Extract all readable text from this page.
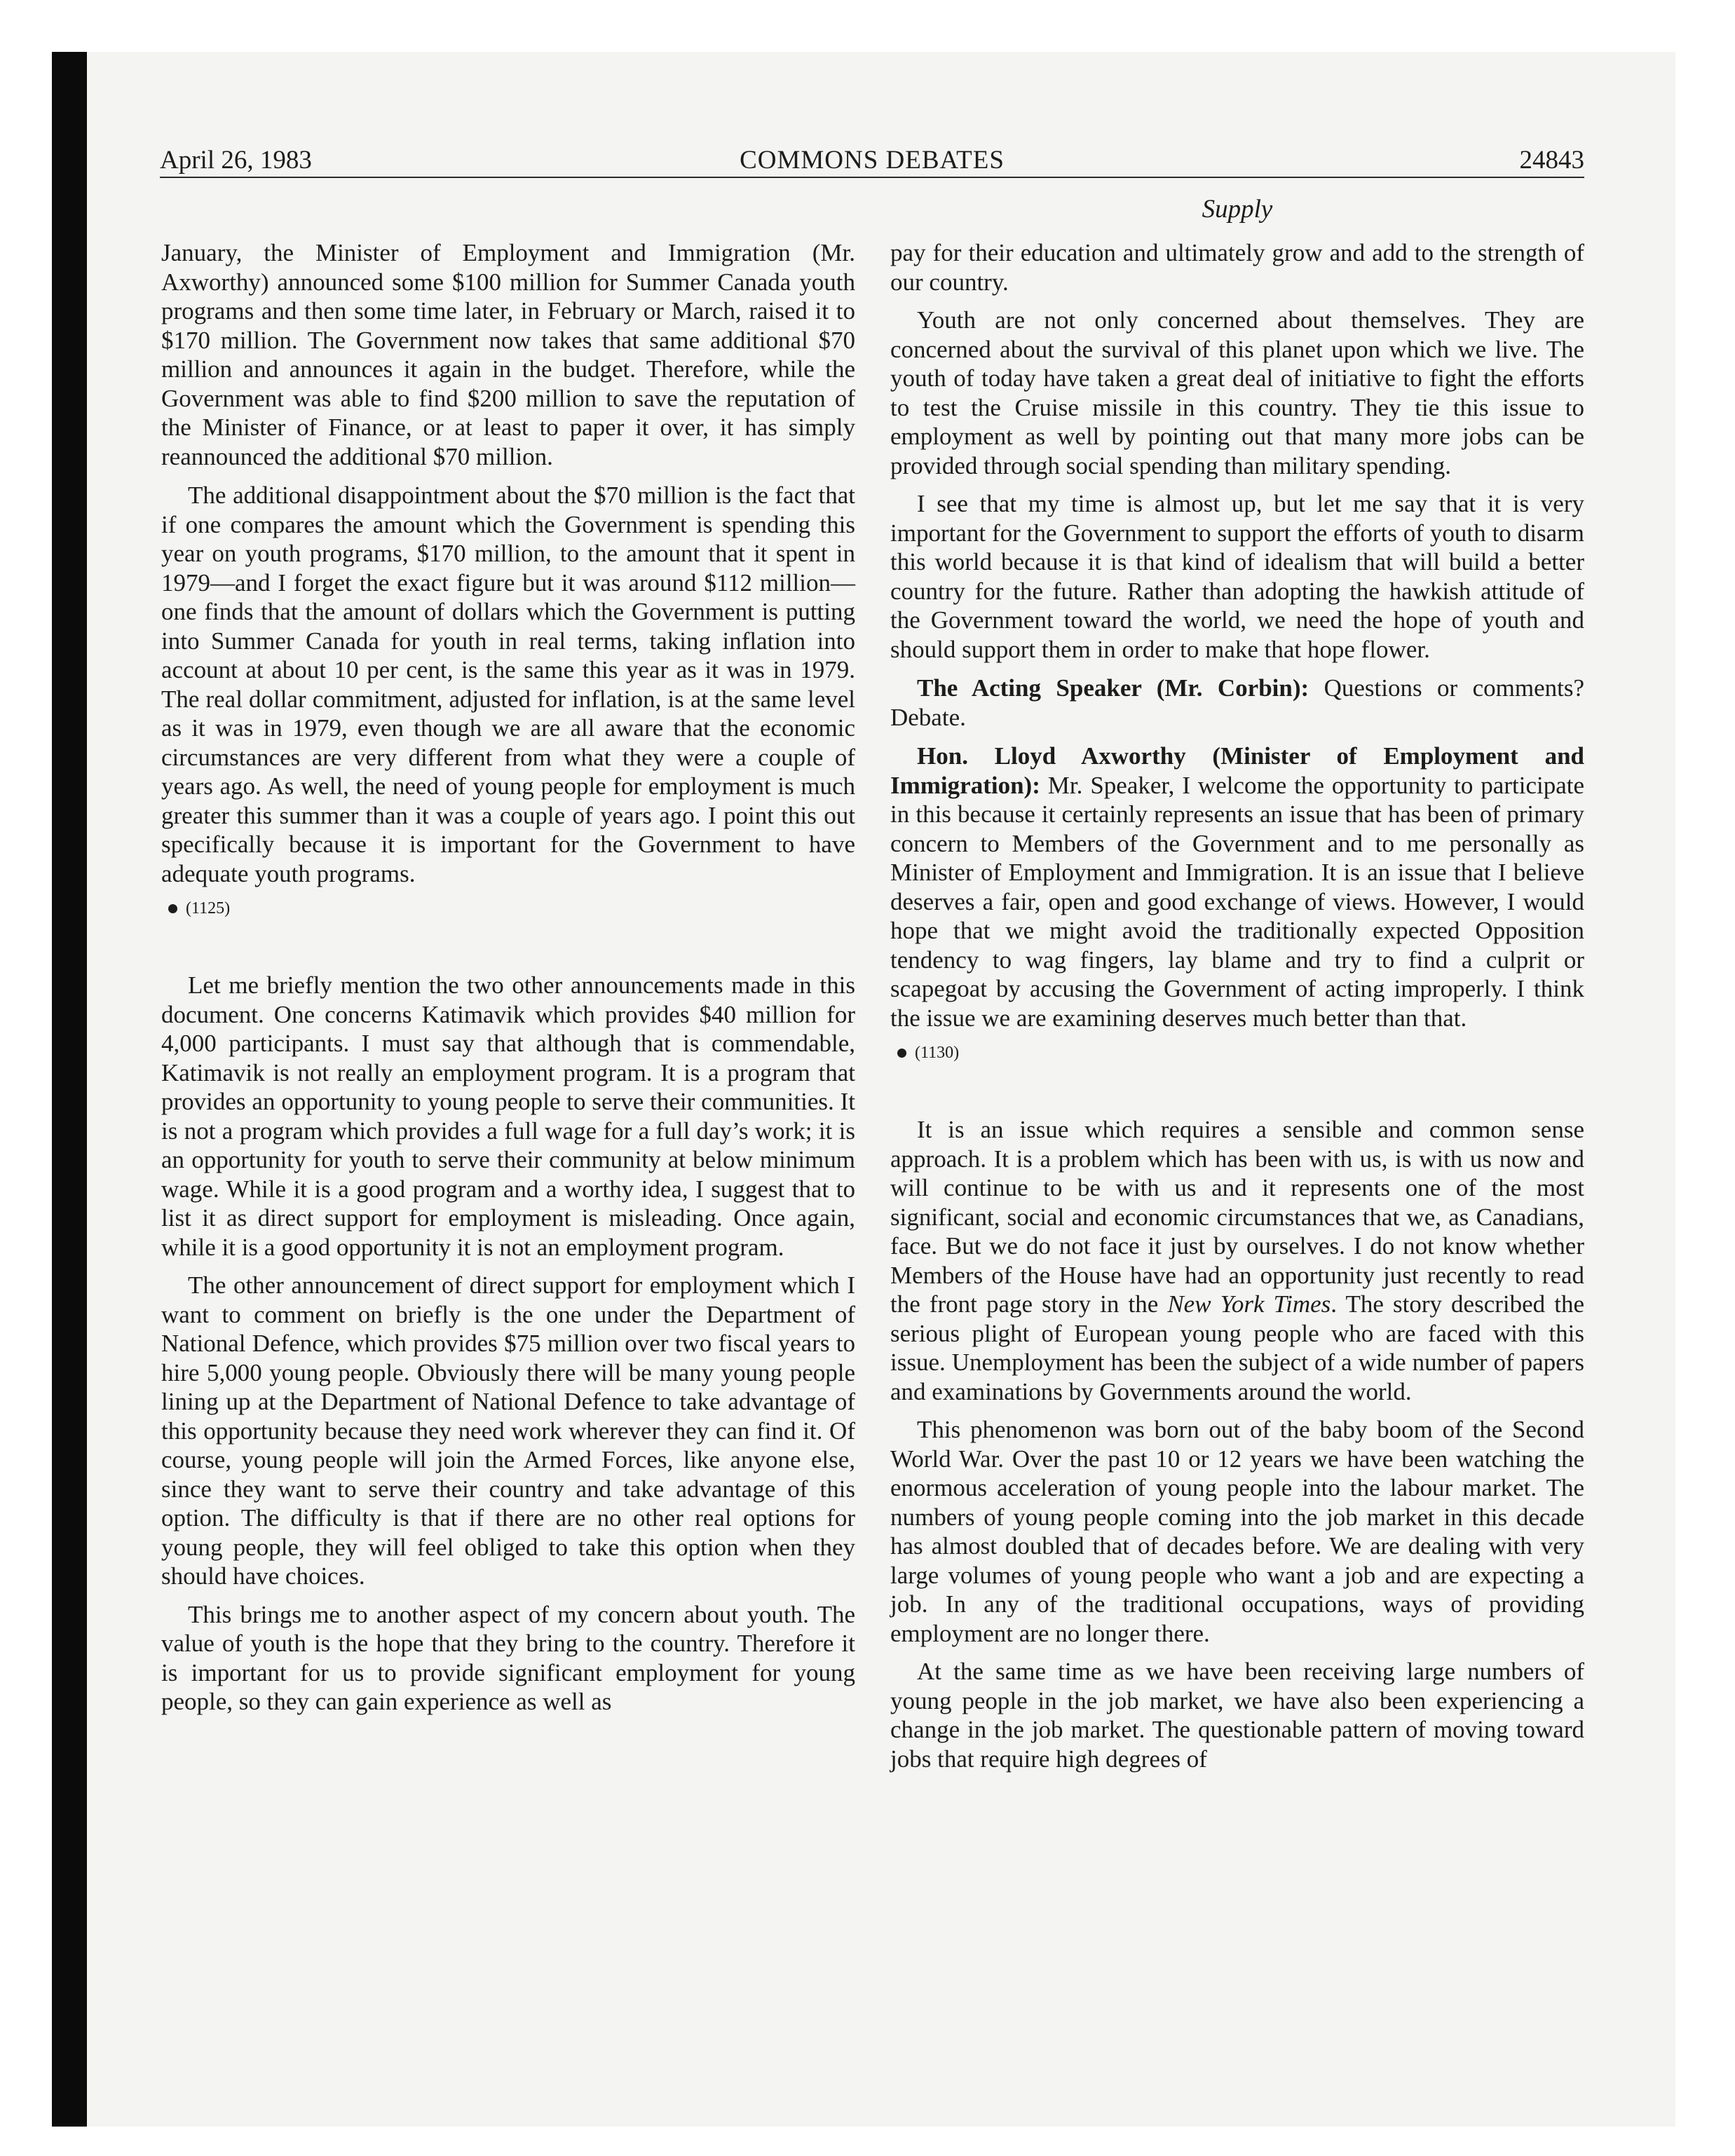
April 26, 1983	COMMONS DEBATES	24843
Supply

January, the Minister of Employment and Immigration (Mr. Axworthy) announced some $100 million for Summer Canada youth programs and then some time later, in February or March, raised it to $170 million. The Government now takes that same additional $70 million and announces it again in the budget. Therefore, while the Government was able to find $200 million to save the reputation of the Minister of Finance, or at least to paper it over, it has simply reannounced the additional $70 million.

The additional disappointment about the $70 million is the fact that if one compares the amount which the Government is spending this year on youth programs, $170 million, to the amount that it spent in 1979—and I forget the exact figure but it was around $112 million—one finds that the amount of dollars which the Government is putting into Summer Canada for youth in real terms, taking inflation into account at about 10 per cent, is the same this year as it was in 1979. The real dollar commitment, adjusted for inflation, is at the same level as it was in 1979, even though we are all aware that the economic circumstances are very different from what they were a couple of years ago. As well, the need of young people for employment is much greater this summer than it was a couple of years ago. I point this out specifically because it is important for the Government to have adequate youth programs.

(1125)

Let me briefly mention the two other announcements made in this document. One concerns Katimavik which provides $40 million for 4,000 participants. I must say that although that is commendable, Katimavik is not really an employment program. It is a program that provides an opportunity to young people to serve their communities. It is not a program which provides a full wage for a full day’s work; it is an opportunity for youth to serve their community at below minimum wage. While it is a good program and a worthy idea, I suggest that to list it as direct support for employment is misleading. Once again, while it is a good opportunity it is not an employment program.

The other announcement of direct support for employment which I want to comment on briefly is the one under the Department of National Defence, which provides $75 million over two fiscal years to hire 5,000 young people. Obviously there will be many young people lining up at the Department of National Defence to take advantage of this opportunity because they need work wherever they can find it. Of course, young people will join the Armed Forces, like anyone else, since they want to serve their country and take advantage of this option. The difficulty is that if there are no other real options for young people, they will feel obliged to take this option when they should have choices.

This brings me to another aspect of my concern about youth. The value of youth is the hope that they bring to the country. Therefore it is important for us to provide significant employment for young people, so they can gain experience as well as

pay for their education and ultimately grow and add to the strength of our country.

Youth are not only concerned about themselves. They are concerned about the survival of this planet upon which we live. The youth of today have taken a great deal of initiative to fight the efforts to test the Cruise missile in this country. They tie this issue to employment as well by pointing out that many more jobs can be provided through social spending than military spending.

I see that my time is almost up, but let me say that it is very important for the Government to support the efforts of youth to disarm this world because it is that kind of idealism that will build a better country for the future. Rather than adopting the hawkish attitude of the Government toward the world, we need the hope of youth and should support them in order to make that hope flower.

The Acting Speaker (Mr. Corbin): Questions or comments? Debate.

Hon. Lloyd Axworthy (Minister of Employment and Immigration): Mr. Speaker, I welcome the opportunity to participate in this because it certainly represents an issue that has been of primary concern to Members of the Government and to me personally as Minister of Employment and Immigration. It is an issue that I believe deserves a fair, open and good exchange of views. However, I would hope that we might avoid the traditionally expected Opposition tendency to wag fingers, lay blame and try to find a culprit or scapegoat by accusing the Government of acting improperly. I think the issue we are examining deserves much better than that.

(1130)

It is an issue which requires a sensible and common sense approach. It is a problem which has been with us, is with us now and will continue to be with us and it represents one of the most significant, social and economic circumstances that we, as Canadians, face. But we do not face it just by ourselves. I do not know whether Members of the House have had an opportunity just recently to read the front page story in the New York Times. The story described the serious plight of European young people who are faced with this issue. Unemployment has been the subject of a wide number of papers and examinations by Governments around the world.

This phenomenon was born out of the baby boom of the Second World War. Over the past 10 or 12 years we have been watching the enormous acceleration of young people into the labour market. The numbers of young people coming into the job market in this decade has almost doubled that of decades before. We are dealing with very large volumes of young people who want a job and are expecting a job. In any of the traditional occupations, ways of providing employment are no longer there.

At the same time as we have been receiving large numbers of young people in the job market, we have also been experiencing a change in the job market. The questionable pattern of moving toward jobs that require high degrees of
